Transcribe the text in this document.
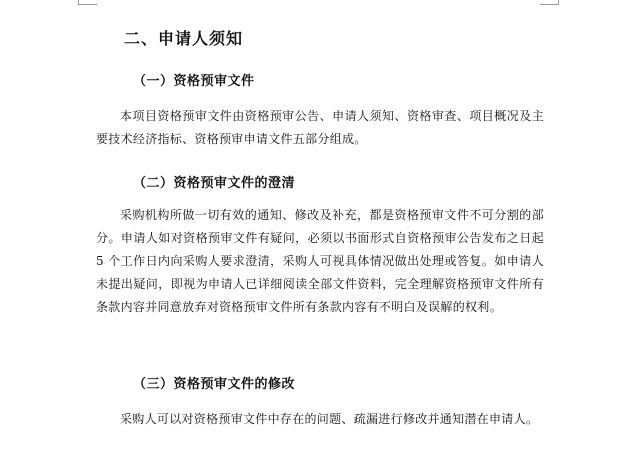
二、申请人须知
（一）资格预审文件
本项目资格预审文件由资格预审公告、申请人须知、资格审查、项目概况及主要技术经济指标、资格预审申请文件五部分组成。
（二）资格预审文件的澄清
采购机构所做一切有效的通知、修改及补充，都是资格预审文件不可分割的部分。申请人如对资格预审文件有疑问，必须以书面形式自资格预审公告发布之日起 5 个工作日内向采购人要求澄清，采购人可视具体情况做出处理或答复。如申请人未提出疑问，即视为申请人已详细阅读全部文件资料，完全理解资格预审文件所有条款内容并同意放弃对资格预审文件所有条款内容有不明白及误解的权利。
（三）资格预审文件的修改
采购人可以对资格预审文件中存在的问题、疏漏进行修改并通知潜在申请人。
